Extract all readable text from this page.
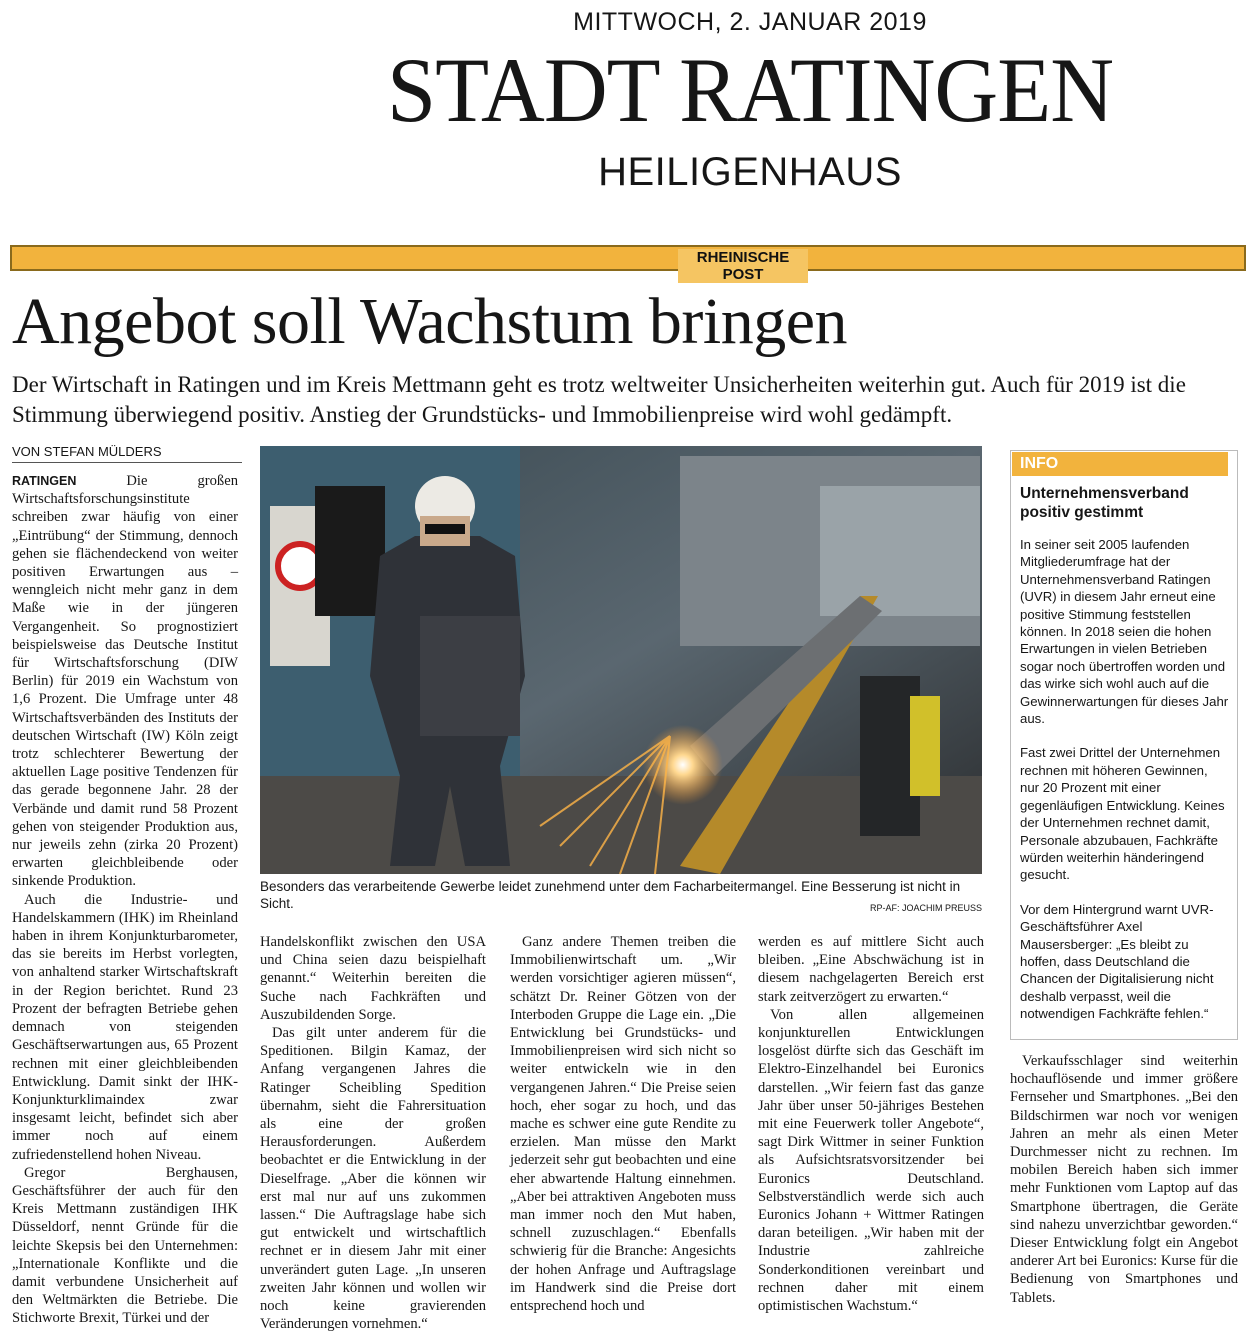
MITTWOCH, 2. JANUAR 2019
STADT RATINGEN
HEILIGENHAUS
RHEINISCHE POST
Angebot soll Wachstum bringen
Der Wirtschaft in Ratingen und im Kreis Mettmann geht es trotz weltweiter Unsicherheiten weiterhin gut. Auch für 2019 ist die Stimmung überwiegend positiv. Anstieg der Grundstücks- und Immobilienpreise wird wohl gedämpft.
VON STEFAN MÜLDERS

RATINGEN	Die großen Wirtschaftsforschungsinstitute schreiben zwar häufig von einer „Eintrübung“ der Stimmung, dennoch gehen sie flächendeckend von weiter positiven Erwartungen aus – wenngleich nicht mehr ganz in dem Maße wie in der jüngeren Vergangenheit. So prognostiziert beispielsweise das Deutsche Institut für Wirtschaftsforschung (DIW Berlin) für 2019 ein Wachstum von 1,6 Prozent. Die Umfrage unter 48 Wirtschaftsverbänden des Instituts der deutschen Wirtschaft (IW) Köln zeigt trotz schlechterer Bewertung der aktuellen Lage positive Tendenzen für das gerade begonnene Jahr. 28 der Verbände und damit rund 58 Prozent gehen von steigender Produktion aus, nur jeweils zehn (zirka 20 Prozent) erwarten gleichbleibende oder sinkende Produktion.

Auch die Industrie- und Handelskammern (IHK) im Rheinland haben in ihrem Konjunkturbarometer, das sie bereits im Herbst vorlegten, von anhaltend starker Wirtschaftskraft in der Region berichtet. Rund 23 Prozent der befragten Betriebe gehen demnach von steigenden Geschäftserwartungen aus, 65 Prozent rechnen mit einer gleichbleibenden Entwicklung. Damit sinkt der IHK-Konjunkturklimaindex zwar insgesamt leicht, befindet sich aber immer noch auf einem zufriedenstellend hohen Niveau.

Gregor Berghausen, Geschäftsführer der auch für den Kreis Mettmann zuständigen IHK Düsseldorf, nennt Gründe für die leichte Skepsis bei den Unternehmen: „Internationale Konflikte und die damit verbundene Unsicherheit auf den Weltmärkten die Betriebe. Die Stichworte Brexit, Türkei und der

Besonders das verarbeitende Gewerbe leidet zunehmend unter dem Facharbeitermangel. Eine Besserung ist nicht in Sicht.	RP-AF: JOACHIM PREUSS

Handelskonflikt zwischen den USA und China seien dazu beispielhaft genannt.“ Weiterhin bereiten die Suche nach Fachkräften und Auszubildenden Sorge.

Das gilt unter anderem für die Speditionen. Bilgin Kamaz, der Anfang vergangenen Jahres die Ratinger Scheibling Spedition übernahm, sieht die Fahrersituation als eine der großen Herausforderungen. Außerdem beobachtet er die Entwicklung in der Dieselfrage. „Aber die können wir erst mal nur auf uns zukommen lassen.“ Die Auftragslage habe sich gut entwickelt und wirtschaftlich rechnet er in diesem Jahr mit einer unverändert guten Lage. „In unseren zweiten Jahr können und wollen wir noch keine gravierenden Veränderungen vornehmen.“

Ganz andere Themen treiben die Immobilienwirtschaft um. „Wir werden vorsichtiger agieren müssen“, schätzt Dr. Reiner Götzen von der Interboden Gruppe die Lage ein. „Die Entwicklung bei Grundstücks- und Immobilienpreisen wird sich nicht so weiter entwickeln wie in den vergangenen Jahren.“ Die Preise seien hoch, eher sogar zu hoch, und das mache es schwer eine gute Rendite zu erzielen. Man müsse den Markt jederzeit sehr gut beobachten und eine eher abwartende Haltung einnehmen. „Aber bei attraktiven Angeboten muss man immer noch den Mut haben, schnell zuzuschlagen.“ Ebenfalls schwierig für die Branche: Angesichts der hohen Anfrage und Auftragslage im Handwerk sind die Preise dort entsprechend hoch und

werden es auf mittlere Sicht auch bleiben. „Eine Abschwächung ist in diesem nachgelagerten Bereich erst stark zeitverzögert zu erwarten.“

Von allen allgemeinen konjunkturellen Entwicklungen losgelöst dürfte sich das Geschäft im Elektro-Einzelhandel bei Euronics darstellen. „Wir feiern fast das ganze Jahr über unser 50-jähriges Bestehen mit eine Feuerwerk toller Angebote“, sagt Dirk Wittmer in seiner Funktion als Aufsichtsratsvorsitzender bei Euronics Deutschland. Selbstverständlich werde sich auch Euronics Johann + Wittmer Ratingen daran beteiligen. „Wir haben mit der Industrie zahlreiche Sonderkonditionen vereinbart und rechnen daher mit einem optimistischen Wachstum.“

INFO
Unternehmensverband positiv gestimmt

In seiner seit 2005 laufenden Mitgliederumfrage hat der Unternehmensverband Ratingen (UVR) in diesem Jahr erneut eine positive Stimmung feststellen können. In 2018 seien die hohen Erwartungen in vielen Betrieben sogar noch übertroffen worden und das wirke sich wohl auch auf die Gewinnerwartungen für dieses Jahr aus.

Fast zwei Drittel der Unternehmen rechnen mit höheren Gewinnen, nur 20 Prozent mit einer gegenläufigen Entwicklung. Keines der Unternehmen rechnet damit, Personale abzubauen, Fachkräfte würden weiterhin händeringend gesucht.

Vor dem Hintergrund warnt UVR-Geschäftsführer Axel Mausersberger: „Es bleibt zu hoffen, dass Deutschland die Chancen der Digitalisierung nicht deshalb verpasst, weil die notwendigen Fachkräfte fehlen.“

Verkaufsschlager sind weiterhin hochauflösende und immer größere Fernseher und Smartphones. „Bei den Bildschirmen war noch vor wenigen Jahren an mehr als einen Meter Durchmesser nicht zu rechnen. Im mobilen Bereich haben sich immer mehr Funktionen vom Laptop auf das Smartphone übertragen, die Geräte sind nahezu unverzichtbar geworden.“ Dieser Entwicklung folgt ein Angebot anderer Art bei Euronics: Kurse für die Bedienung von Smartphones und Tablets.
